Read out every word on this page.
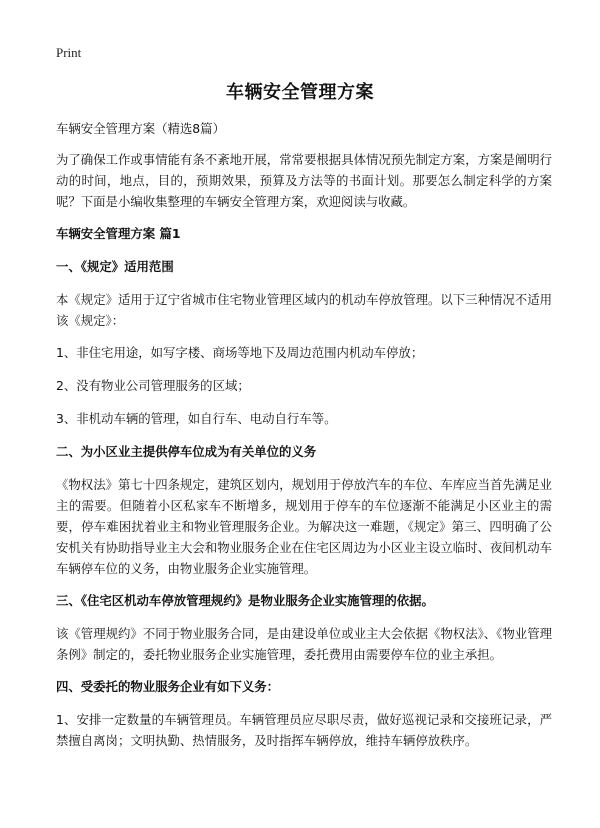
Print
车辆安全管理方案

车辆安全管理方案（精选8篇）

为了确保工作或事情能有条不紊地开展，常常要根据具体情况预先制定方案，方案是阐明行动的时间，地点，目的，预期效果，预算及方法等的书面计划。那要怎么制定科学的方案呢？下面是小编收集整理的车辆安全管理方案，欢迎阅读与收藏。

车辆安全管理方案 篇1

一、《规定》适用范围

本《规定》适用于辽宁省城市住宅物业管理区域内的机动车停放管理。以下三种情况不适用该《规定》：

1、非住宅用途，如写字楼、商场等地下及周边范围内机动车停放；

2、没有物业公司管理服务的区域；

3、非机动车辆的管理，如自行车、电动自行车等。

二、为小区业主提供停车位成为有关单位的义务

《物权法》第七十四条规定，建筑区划内，规划用于停放汽车的车位、车库应当首先满足业主的需要。但随着小区私家车不断增多，规划用于停车的车位逐渐不能满足小区业主的需要，停车难困扰着业主和物业管理服务企业。为解决这一难题，《规定》第三、四明确了公安机关有协助指导业主大会和物业服务企业在住宅区周边为小区业主设立临时、夜间机动车车辆停车位的义务，由物业服务企业实施管理。

三、《住宅区机动车停放管理规约》是物业服务企业实施管理的依据。

该《管理规约》不同于物业服务合同，是由建设单位或业主大会依据《物权法》、《物业管理条例》制定的，委托物业服务企业实施管理，委托费用由需要停车位的业主承担。

四、受委托的物业服务企业有如下义务：

1、安排一定数量的车辆管理员。车辆管理员应尽职尽责，做好巡视记录和交接班记录，严禁擅自离岗；文明执勤、热情服务，及时指挥车辆停放，维持车辆停放秩序。
